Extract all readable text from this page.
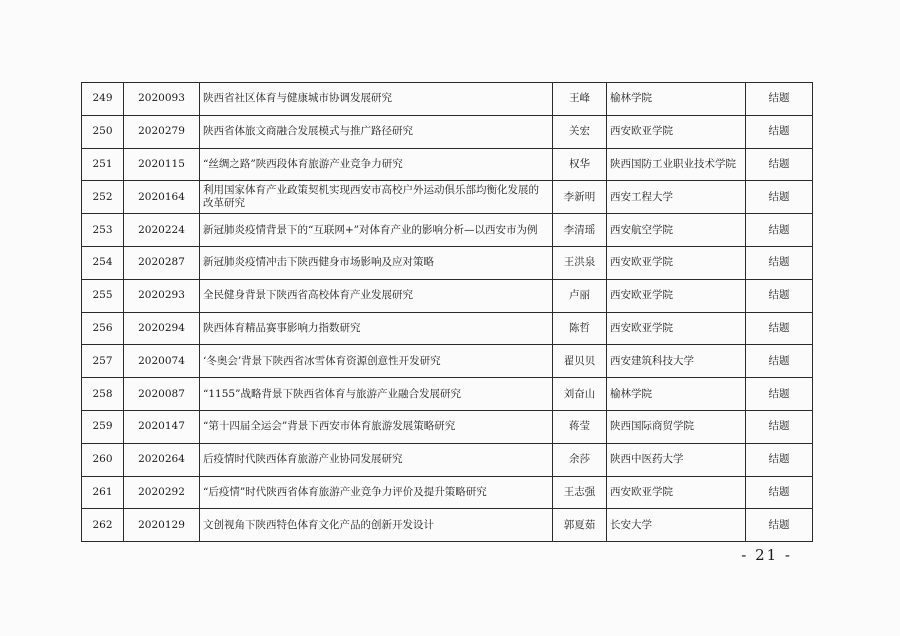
249	2020093	陕西省社区体育与健康城市协调发展研究	王峰	榆林学院	结题
250	2020279	陕西省体旅文商融合发展模式与推广路径研究	关宏	西安欧亚学院	结题
251	2020115	“丝绸之路”陕西段体育旅游产业竞争力研究	权华	陕西国防工业职业技术学院	结题
252	2020164	利用国家体育产业政策契机实现西安市高校户外运动俱乐部均衡化发展的改革研究	李新明	西安工程大学	结题
253	2020224	新冠肺炎疫情背景下的“互联网+”对体育产业的影响分析—以西安市为例	李清瑶	西安航空学院	结题
254	2020287	新冠肺炎疫情冲击下陕西健身市场影响及应对策略	王洪泉	西安欧亚学院	结题
255	2020293	全民健身背景下陕西省高校体育产业发展研究	卢丽	西安欧亚学院	结题
256	2020294	陕西体育精品赛事影响力指数研究	陈哲	西安欧亚学院	结题
257	2020074	‘冬奥会’背景下陕西省冰雪体育资源创意性开发研究	翟贝贝	西安建筑科技大学	结题
258	2020087	“1155”战略背景下陕西省体育与旅游产业融合发展研究	刘奋山	榆林学院	结题
259	2020147	“第十四届全运会”背景下西安市体育旅游发展策略研究	蒋莹	陕西国际商贸学院	结题
260	2020264	后疫情时代陕西体育旅游产业协同发展研究	余莎	陕西中医药大学	结题
261	2020292	“后疫情”时代陕西省体育旅游产业竞争力评价及提升策略研究	王志强	西安欧亚学院	结题
262	2020129	文创视角下陕西特色体育文化产品的创新开发设计	郭夏茹	长安大学	结题
- 21 -
